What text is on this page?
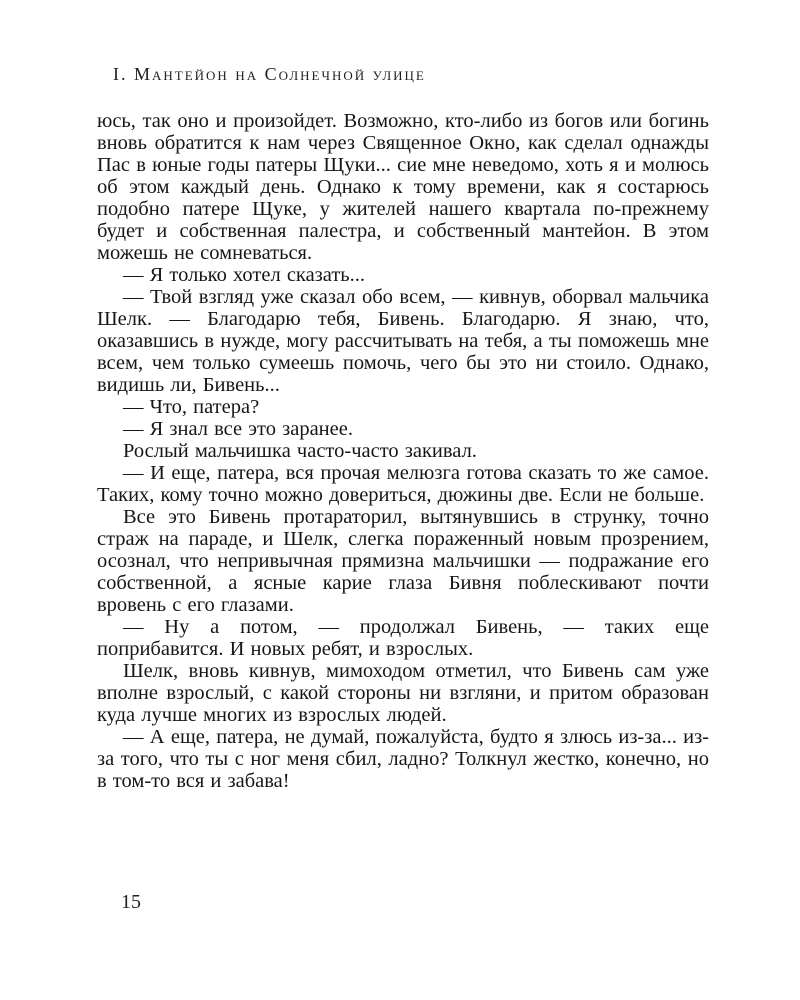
I. Мантейон на Солнечной улице

юсь, так оно и произойдет. Возможно, кто-либо из богов или богинь вновь обратится к нам через Священное Окно, как сделал однажды Пас в юные годы патеры Щуки... сие мне неведомо, хоть я и молюсь об этом каждый день. Однако к тому времени, как я состарюсь подобно патере Щуке, у жителей нашего квартала по-прежнему будет и собственная палестра, и собственный мантейон. В этом можешь не сомневаться.

— Я только хотел сказать...

— Твой взгляд уже сказал обо всем, — кивнув, оборвал мальчика Шелк. — Благодарю тебя, Бивень. Благодарю. Я знаю, что, оказавшись в нужде, могу рассчитывать на тебя, а ты поможешь мне всем, чем только сумеешь помочь, чего бы это ни стоило. Однако, видишь ли, Бивень...

— Что, патера?

— Я знал все это заранее.

Рослый мальчишка часто-часто закивал.

— И еще, патера, вся прочая мелюзга готова сказать то же самое. Таких, кому точно можно довериться, дюжины две. Если не больше.

Все это Бивень протараторил, вытянувшись в струнку, точно страж на параде, и Шелк, слегка пораженный новым прозрением, осознал, что непривычная прямизна мальчишки — подражание его собственной, а ясные карие глаза Бивня поблескивают почти вровень с его глазами.

— Ну а потом, — продолжал Бивень, — таких еще поприбавится. И новых ребят, и взрослых.

Шелк, вновь кивнув, мимоходом отметил, что Бивень сам уже вполне взрослый, с какой стороны ни взгляни, и притом образован куда лучше многих из взрослых людей.

— А еще, патера, не думай, пожалуйста, будто я злюсь из-за... из-за того, что ты с ног меня сбил, ладно? Толкнул жестко, конечно, но в том-то вся и забава!

15
